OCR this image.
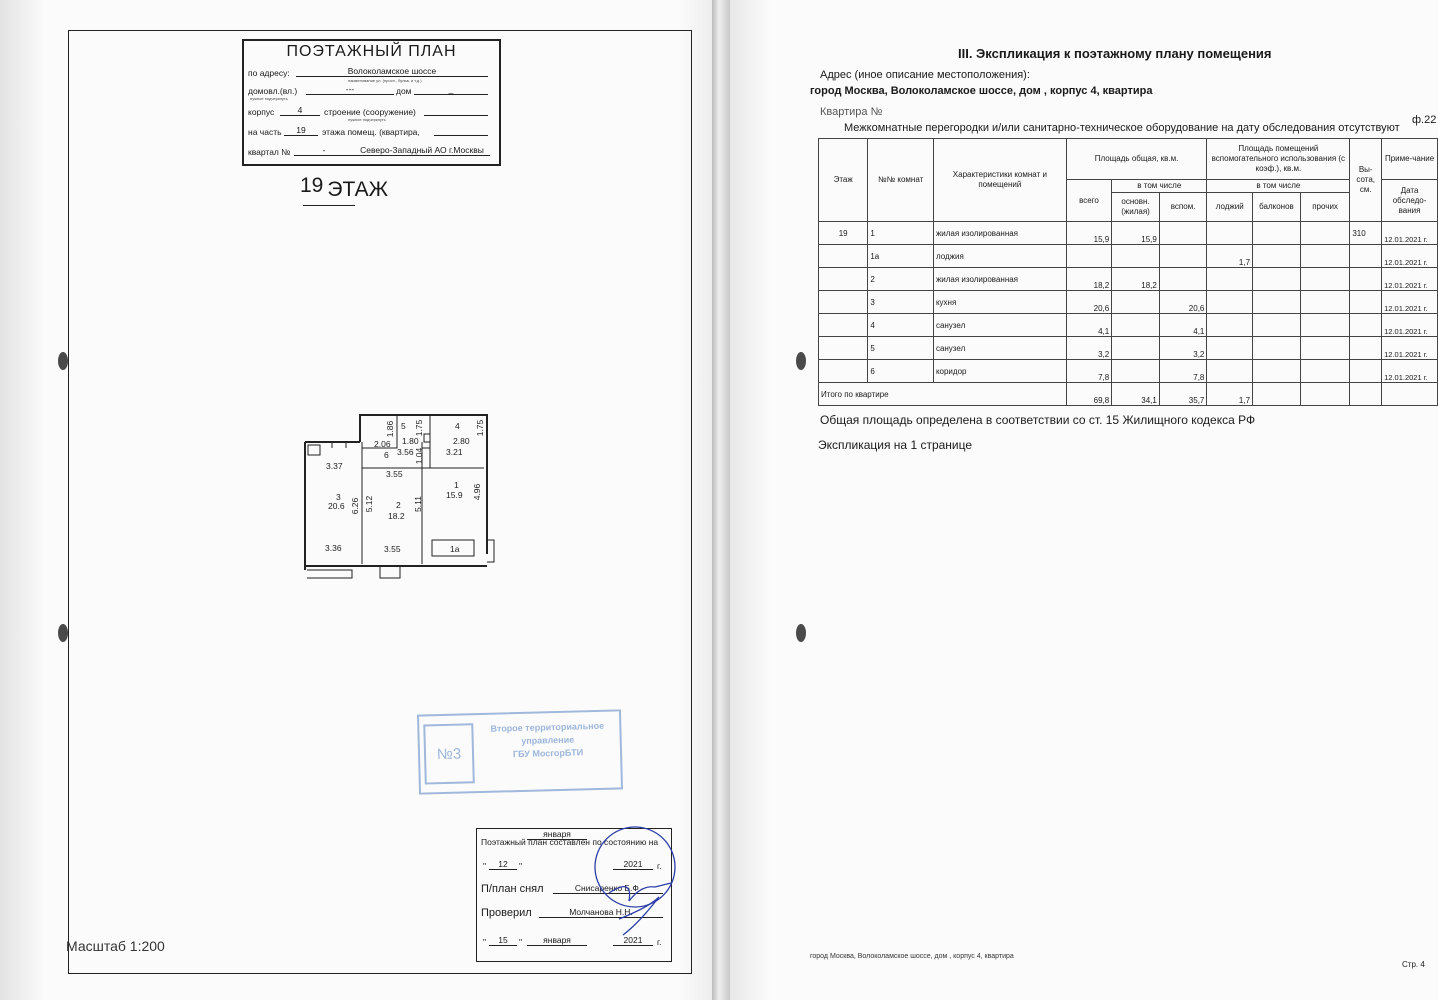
ПОЭТАЖНЫЙ ПЛАН
по адресу:	Волоколамское шоссе
наименование ул. (просп., бульв. и т.д.)
домовл.(вл.)	---	дом	_
нужное подчеркнуть
корпус	4	строение (сооружение)
нужное подчеркнуть
на часть	19	этажа помещ. (квартира,
квартал №	-	Северо-Западный АО г.Москвы
19 ЭТАЖ
1.86 5 1.75	4 1.75
2.06 1.80	2.80
6 3.56 1.04	3.21
3.37
3.55
3
20.6 6.26 5.12	2
18.2
5.11
1
15.9 4.96
3.36	3.55	1а
№3
Второе территориальное
управление
ГБУ МосгорБТИ
Поэтажный план составлен по состоянию на
"	12	"
января
2021	г.
П/план снял	Снисаренко Б.Ф.
Проверил	Молчанова Н.Н.
"	15	"	января	2021	г.
Масштаб 1:200
III. Экспликация к поэтажному плану помещения
Адрес (иное описание местоположения):
город Москва, Волоколамское шоссе, дом , корпус 4, квартира
Квартира №
ф.22
Межкомнатные перегородки и/или санитарно-техническое оборудование на дату обследования отсутствуют
Этаж	№№ комнат	Характеристики комнат и помещений	Площадь общая, кв.м.			Площадь помещений вспомогательного использования (с коэф.), кв.м.			Вы-сота, см.	Приме-чание
			всего	в том числе		в том числе				Дата обследо-вания
				основн. (жилая)	вспом.	лоджий	балконов	прочих		
19	1	жилая изолированная	15,9	15,9					310	12.01.2021 г.
	1а	лоджия				1,7				12.01.2021 г.
	2	жилая изолированная	18,2	18,2						12.01.2021 г.
	3	кухня	20,6		20,6					12.01.2021 г.
	4	санузел	4,1		4,1					12.01.2021 г.
	5	санузел	3,2		3,2					12.01.2021 г.
	6	коридор	7,8		7,8					12.01.2021 г.
Итого по квартире			69,8	34,1	35,7	1,7				
Общая площадь определена в соответствии со ст. 15 Жилищного кодекса РФ
Экспликация на 1 странице
город Москва, Волоколамское шоссе, дом , корпус 4, квартира
Стр. 4
